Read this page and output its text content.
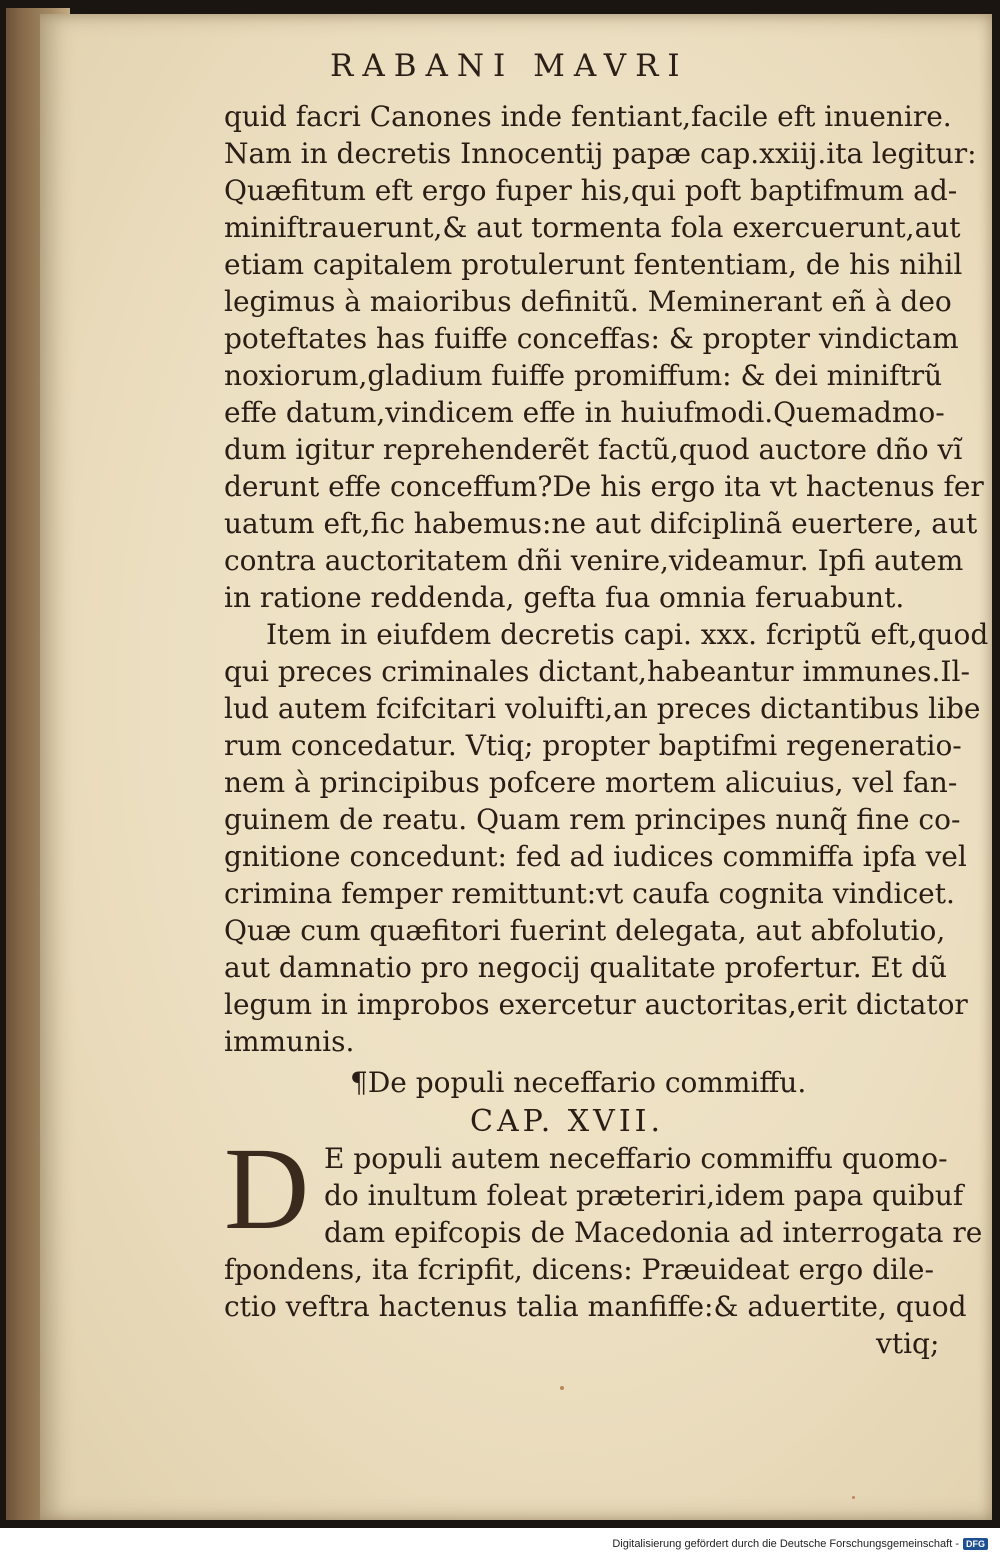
RABANI MAVRI
quid facri Canones inde fentiant,facile eft inuenire.
Nam in decretis Innocentij papæ cap.xxiij.ita legitur:
Quæfitum eft ergo fuper his,qui poft baptifmum ad-
miniftrauerunt,& aut tormenta fola exercuerunt,aut
etiam capitalem protulerunt fententiam, de his nihil
legimus à maioribus definitũ. Meminerant eñ à deo
poteftates has fuiffe conceffas: & propter vindictam
noxiorum,gladium fuiffe promiffum: & dei miniftrũ
effe datum,vindicem effe in huiufmodi.Quemadmo-
dum igitur reprehenderẽt factũ,quod auctore dño vĩ
derunt effe conceffum?De his ergo ita vt hactenus fer
uatum eft,fic habemus:ne aut difciplinã euertere, aut
contra auctoritatem dñi venire,videamur. Ipfi autem
in ratione reddenda, gefta fua omnia feruabunt.
Item in eiufdem decretis capi. xxx. fcriptũ eft,quod
qui preces criminales dictant,habeantur immunes.Il-
lud autem fcifcitari voluifti,an preces dictantibus libe
rum concedatur. Vtiq; propter baptifmi regeneratio-
nem à principibus pofcere mortem alicuius, vel fan-
guinem de reatu. Quam rem principes nunq̃ fine co-
gnitione concedunt: fed ad iudices commiffa ipfa vel
crimina femper remittunt:vt caufa cognita vindicet.
Quæ cum quæfitori fuerint delegata, aut abfolutio,
aut damnatio pro negocij qualitate profertur. Et dũ
legum in improbos exercetur auctoritas,erit dictator
immunis.
¶De populi neceffario commiffu.
CAP. XVII.
D E populi autem neceffario commiffu quomo-
do inultum foleat præteriri,idem papa quibuf
dam epifcopis de Macedonia ad interrogata re
fpondens, ita fcripfit, dicens: Præuideat ergo dile-
ctio veftra hactenus talia manfiffe:& aduertite, quod
vtiq;
Digitalisierung gefördert durch die Deutsche Forschungsgemeinschaft - DFG
